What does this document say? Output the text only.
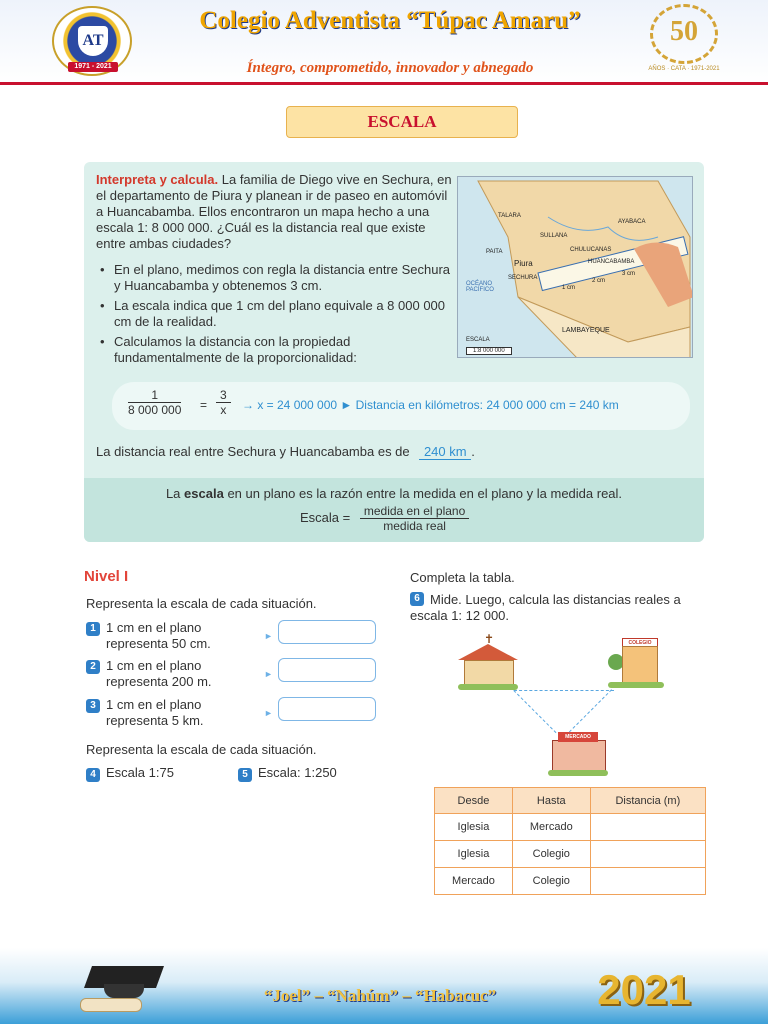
AT
1971 - 2021
Colegio Adventista “Túpac Amaru”
Íntegro, comprometido, innovador y abnegado
50
AÑOS · CATA · 1971-2021
ESCALA
Interpreta y calcula. La familia de Diego vive en Sechura, en el departamento de Piura y planean ir de paseo en automóvil a Huancabamba. Ellos encontraron un mapa hecho a una escala 1: 8 000 000. ¿Cuál es la distancia real que existe entre ambas ciudades?
• En el plano, medimos con regla la distancia entre Sechura y Huancabamba y obtenemos 3 cm.
• La escala indica que 1 cm del plano equivale a 8 000 000 cm de la realidad.
• Calculamos la distancia con la propiedad fundamentalmente de la proporcionalidad:
TALARA
AYABACA
SULLANA
PAITA	CHULUCANAS
Piura	HUANCABAMBA
SECHURA
OCÉANO PACÍFICO
LAMBAYEQUE
ESCALA
1:8 000 000
1 cm
2 cm
3 cm
$\frac{1}{8 000 000} = \frac{3}{x} \to x = 24$ 000 000 ► Distancia en kilómetros: 24 000 000 cm = 240 km
La distancia real entre Sechura y Huancabamba es de 240 km .
La escala en un plano es la razón entre la medida en el plano y la medida real.
Escala = $\frac{\text{medida en el plano}}{\text{medida real}}$
Nivel I
Representa la escala de cada situación.
1 1 cm en el plano representa 50 cm.	►
2 1 cm en el plano representa 200 m.	►
3 1 cm en el plano representa 5 km.	►
Representa la escala de cada situación.
4 Escala 1:75	5 Escala: 1:250
Completa la tabla.
6 Mide. Luego, calcula las distancias reales a escala 1: 12 000.
✝	COLEGIO
MERCADO
Desde	Hasta	Distancia (m)
Iglesia	Mercado	
Iglesia	Colegio	
Mercado	Colegio	
“Joel” – “Nahúm” – “Habacuc”	2021
